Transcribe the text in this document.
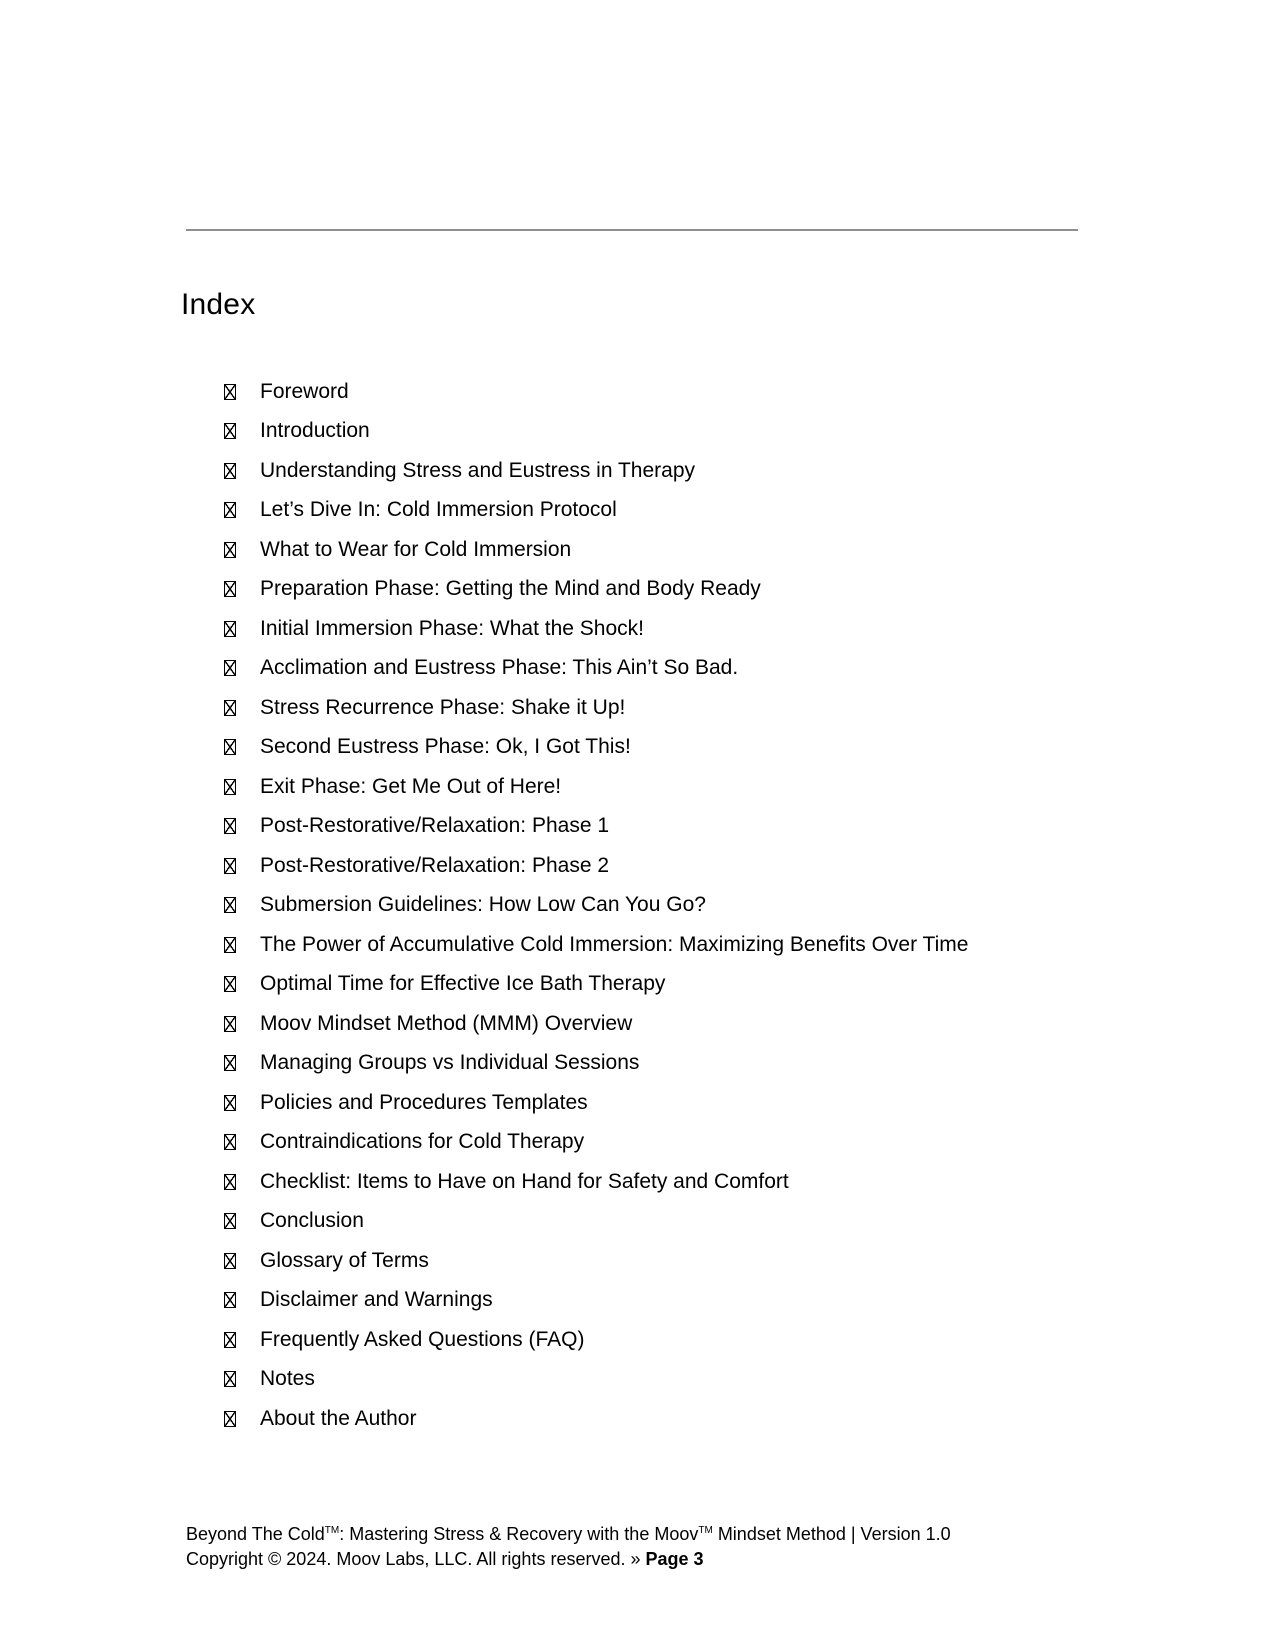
Index
Foreword
Introduction
Understanding Stress and Eustress in Therapy
Let’s Dive In: Cold Immersion Protocol
What to Wear for Cold Immersion
Preparation Phase: Getting the Mind and Body Ready
Initial Immersion Phase: What the Shock!
Acclimation and Eustress Phase: This Ain’t So Bad.
Stress Recurrence Phase: Shake it Up!
Second Eustress Phase: Ok, I Got This!
Exit Phase: Get Me Out of Here!
Post-Restorative/Relaxation: Phase 1
Post-Restorative/Relaxation: Phase 2
Submersion Guidelines: How Low Can You Go?
The Power of Accumulative Cold Immersion: Maximizing Benefits Over Time
Optimal Time for Effective Ice Bath Therapy
Moov Mindset Method (MMM) Overview
Managing Groups vs Individual Sessions
Policies and Procedures Templates
Contraindications for Cold Therapy
Checklist: Items to Have on Hand for Safety and Comfort
Conclusion
Glossary of Terms
Disclaimer and Warnings
Frequently Asked Questions (FAQ)
Notes
About the Author
Beyond The Cold™: Mastering Stress & Recovery with the Moov™ Mindset Method | Version 1.0
Copyright © 2024. Moov Labs, LLC. All rights reserved. » Page 3
